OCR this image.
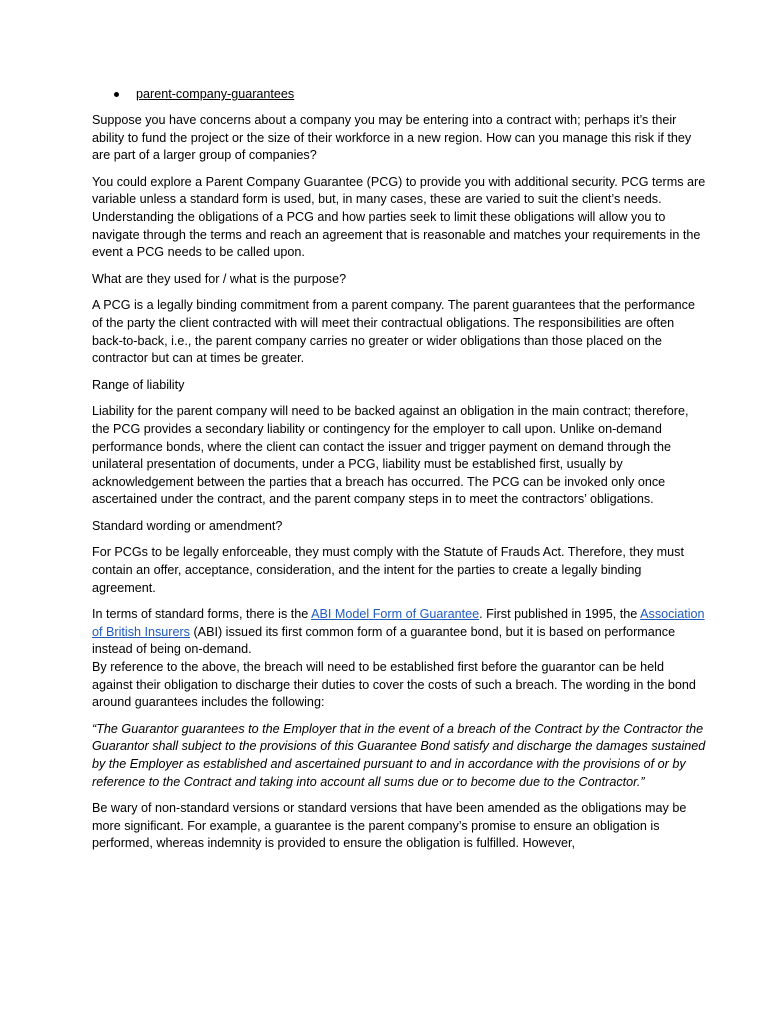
parent-company-guarantees

Suppose you have concerns about a company you may be entering into a contract with; perhaps it’s their ability to fund the project or the size of their workforce in a new region. How can you manage this risk if they are part of a larger group of companies?

You could explore a Parent Company Guarantee (PCG) to provide you with additional security. PCG terms are variable unless a standard form is used, but, in many cases, these are varied to suit the client’s needs.

Understanding the obligations of a PCG and how parties seek to limit these obligations will allow you to navigate through the terms and reach an agreement that is reasonable and matches your requirements in the event a PCG needs to be called upon.

What are they used for / what is the purpose?

A PCG is a legally binding commitment from a parent company. The parent guarantees that the performance of the party the client contracted with will meet their contractual obligations. The responsibilities are often back-to-back, i.e., the parent company carries no greater or wider obligations than those placed on the contractor but can at times be greater.

Range of liability

Liability for the parent company will need to be backed against an obligation in the main contract; therefore, the PCG provides a secondary liability or contingency for the employer to call upon. Unlike on-demand performance bonds, where the client can contact the issuer and trigger payment on demand through the unilateral presentation of documents, under a PCG, liability must be established first, usually by acknowledgement between the parties that a breach has occurred. The PCG can be invoked only once ascertained under the contract, and the parent company steps in to meet the contractors’ obligations.

Standard wording or amendment?

For PCGs to be legally enforceable, they must comply with the Statute of Frauds Act. Therefore, they must contain an offer, acceptance, consideration, and the intent for the parties to create a legally binding agreement.

In terms of standard forms, there is the ABI Model Form of Guarantee. First published in 1995, the Association of British Insurers (ABI) issued its first common form of a guarantee bond, but it is based on performance instead of being on-demand.

By reference to the above, the breach will need to be established first before the guarantor can be held against their obligation to discharge their duties to cover the costs of such a breach. The wording in the bond around guarantees includes the following:

“The Guarantor guarantees to the Employer that in the event of a breach of the Contract by the Contractor the Guarantor shall subject to the provisions of this Guarantee Bond satisfy and discharge the damages sustained by the Employer as established and ascertained pursuant to and in accordance with the provisions of or by reference to the Contract and taking into account all sums due or to become due to the Contractor.”

Be wary of non-standard versions or standard versions that have been amended as the obligations may be more significant. For example, a guarantee is the parent company’s promise to ensure an obligation is performed, whereas indemnity is provided to ensure the obligation is fulfilled. However,
